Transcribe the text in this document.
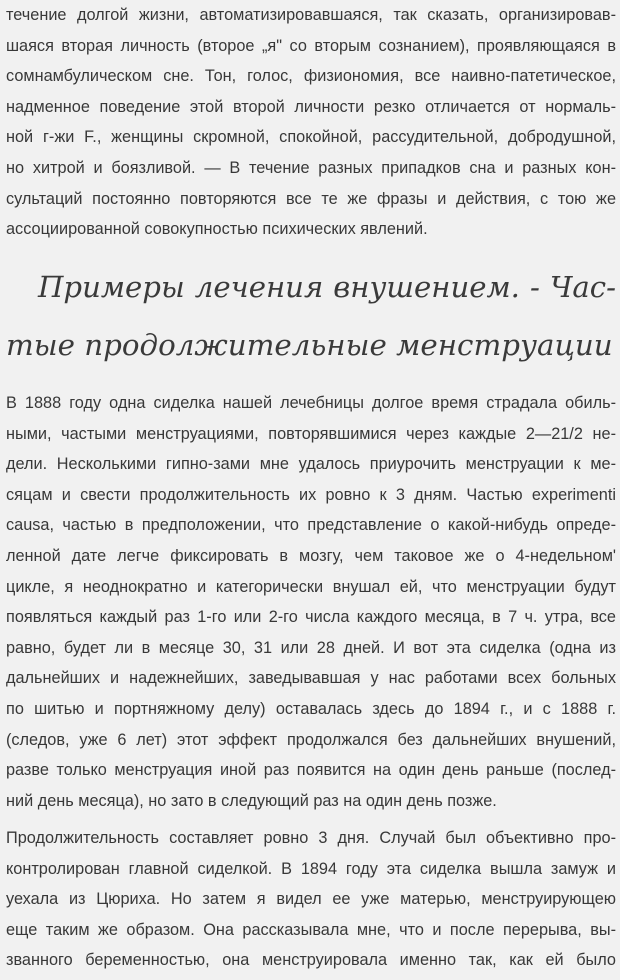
течение долгой жизни, автоматизировавшаяся, так сказать, организировав-
шаяся вторая личность (второе „я" со вторым сознанием), проявляющаяся в
сомнамбулическом сне. Тон, голос, физиономия, все наивно-патетическое,
надменное поведение этой второй личности резко отличается от нормаль-
ной г-жи F., женщины скромной, спокойной, рассудительной, добродушной,
но хитрой и боязливой. — В течение разных припадков сна и разных кон-
сультаций постоянно повторяются все те же фразы и действия, с тою же
ассоциированной совокупностью психических явлений.
Примеры лечения внушением. - Час-
тые продолжительные менструации
В 1888 году одна сиделка нашей лечебницы долгое время страдала обиль-
ными, частыми менструациями, повторявшимися через каждые 2—21/2 не-
дели. Несколькими гипно-зами мне удалось приурочить менструации к ме-
сяцам и свести продолжительность их ровно к 3 дням. Частью experimenti
causa, частью в предположении, что представление о какой-нибудь опреде-
ленной дате легче фиксировать в мозгу, чем таковое же о 4-недельном'
цикле, я неоднократно и категорически внушал ей, что менструации будут
появляться каждый раз 1-го или 2-го числа каждого месяца, в 7 ч. утра, все
равно, будет ли в месяце 30, 31 или 28 дней. И вот эта сиделка (одна из
дальнейших и надежнейших, заведывавшая у нас работами всех больных
по шитью и портняжному делу) оставалась здесь до 1894 г., и с 1888 г.
(следов, уже 6 лет) этот эффект продолжался без дальнейших внушений,
разве только менструация иной раз появится на один день раньше (послед-
ний день месяца), но зато в следующий раз на один день позже.
Продолжительность составляет ровно 3 дня. Случай был объективно про-
контролирован главной сиделкой. В 1894 году эта сиделка вышла замуж и
уехала из Цюриха. Но затем я видел ее уже матерью, менструирующею
еще таким же образом. Она рассказывала мне, что и после перерыва, вы-
званного беременностью, она менструировала именно так, как ей было
